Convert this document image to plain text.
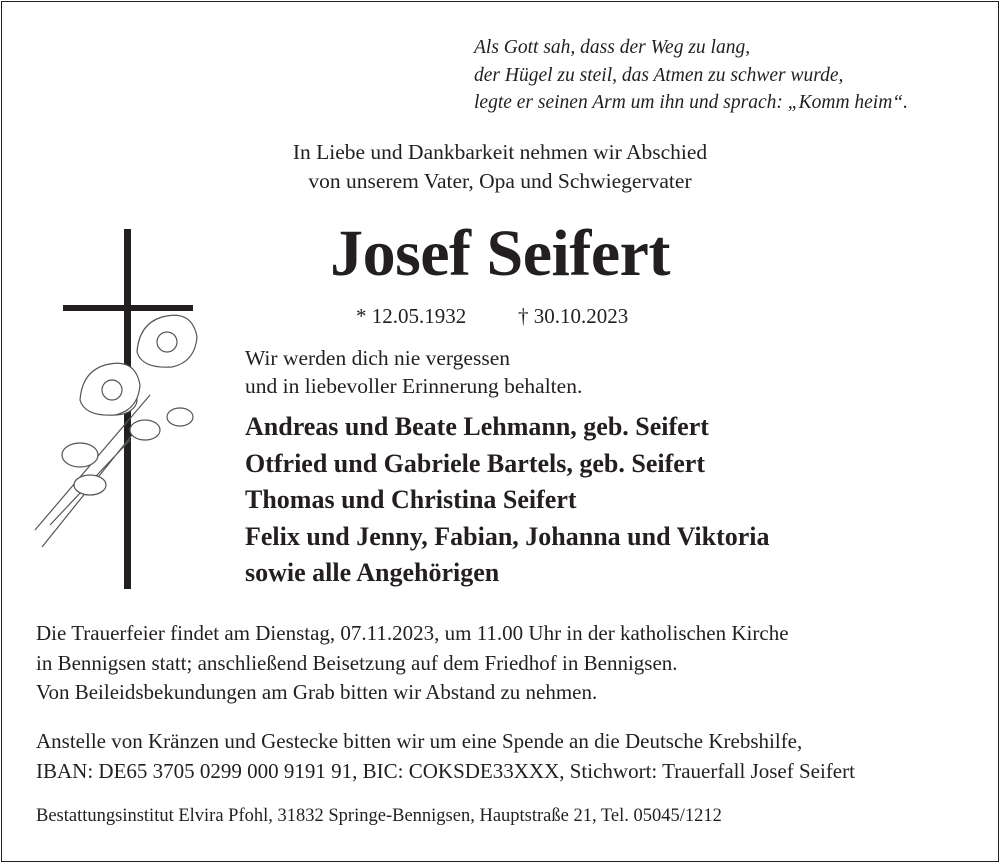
Als Gott sah, dass der Weg zu lang,
der Hügel zu steil, das Atmen zu schwer wurde,
legte er seinen Arm um ihn und sprach: „Komm heim“.
In Liebe und Dankbarkeit nehmen wir Abschied
von unserem Vater, Opa und Schwiegervater
Josef Seifert
* 12.05.1932 † 30.10.2023
Wir werden dich nie vergessen
und in liebevoller Erinnerung behalten.
Andreas und Beate Lehmann, geb. Seifert
Otfried und Gabriele Bartels, geb. Seifert
Thomas und Christina Seifert
Felix und Jenny, Fabian, Johanna und Viktoria
sowie alle Angehörigen
Die Trauerfeier findet am Dienstag, 07.11.2023, um 11.00 Uhr in der katholischen Kirche
in Bennigsen statt; anschließend Beisetzung auf dem Friedhof in Bennigsen.
Von Beileidsbekundungen am Grab bitten wir Abstand zu nehmen.
Anstelle von Kränzen und Gestecke bitten wir um eine Spende an die Deutsche Krebshilfe,
IBAN: DE65 3705 0299 000 9191 91, BIC: COKSDE33XXX, Stichwort: Trauerfall Josef Seifert
Bestattungsinstitut Elvira Pfohl, 31832 Springe-Bennigsen, Hauptstraße 21, Tel. 05045/1212
